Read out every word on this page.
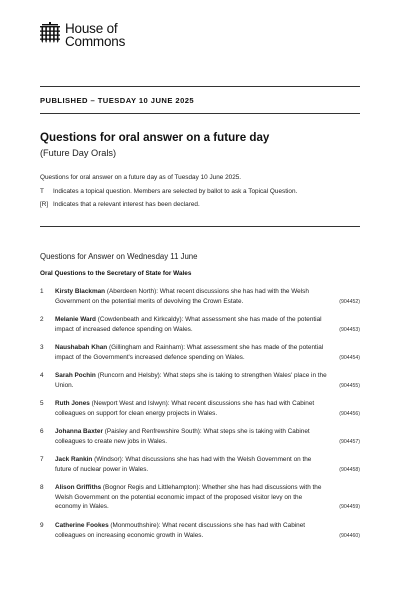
House of
Commons
PUBLISHED – TUESDAY 10 JUNE 2025
Questions for oral answer on a future day
(Future Day Orals)
Questions for oral answer on a future day as of Tuesday 10 June 2025.
T	Indicates a topical question. Members are selected by ballot to ask a Topical Question.
[R] Indicates that a relevant interest has been declared.
Questions for Answer on Wednesday 11 June
Oral Questions to the Secretary of State for Wales
1 Kirsty Blackman (Aberdeen North): What recent discussions she has had with the Welsh Government on the potential merits of devolving the Crown Estate.	(904452)
2 Melanie Ward (Cowdenbeath and Kirkcaldy): What assessment she has made of the potential impact of increased defence spending on Wales.	(904453)
3 Naushabah Khan (Gillingham and Rainham): What assessment she has made of the potential impact of the Government's increased defence spending on Wales.	(904454)
4 Sarah Pochin (Runcorn and Helsby): What steps she is taking to strengthen Wales' place in the Union.	(904455)
5 Ruth Jones (Newport West and Islwyn): What recent discussions she has had with Cabinet colleagues on support for clean energy projects in Wales.	(904456)
6 Johanna Baxter (Paisley and Renfrewshire South): What steps she is taking with Cabinet colleagues to create new jobs in Wales.	(904457)
7 Jack Rankin (Windsor): What discussions she has had with the Welsh Government on the future of nuclear power in Wales.	(904458)
8 Alison Griffiths (Bognor Regis and Littlehampton): Whether she has had discussions with the Welsh Government on the potential economic impact of the proposed visitor levy on the economy in Wales.	(904459)
9 Catherine Fookes (Monmouthshire): What recent discussions she has had with Cabinet colleagues on increasing economic growth in Wales.	(904460)
